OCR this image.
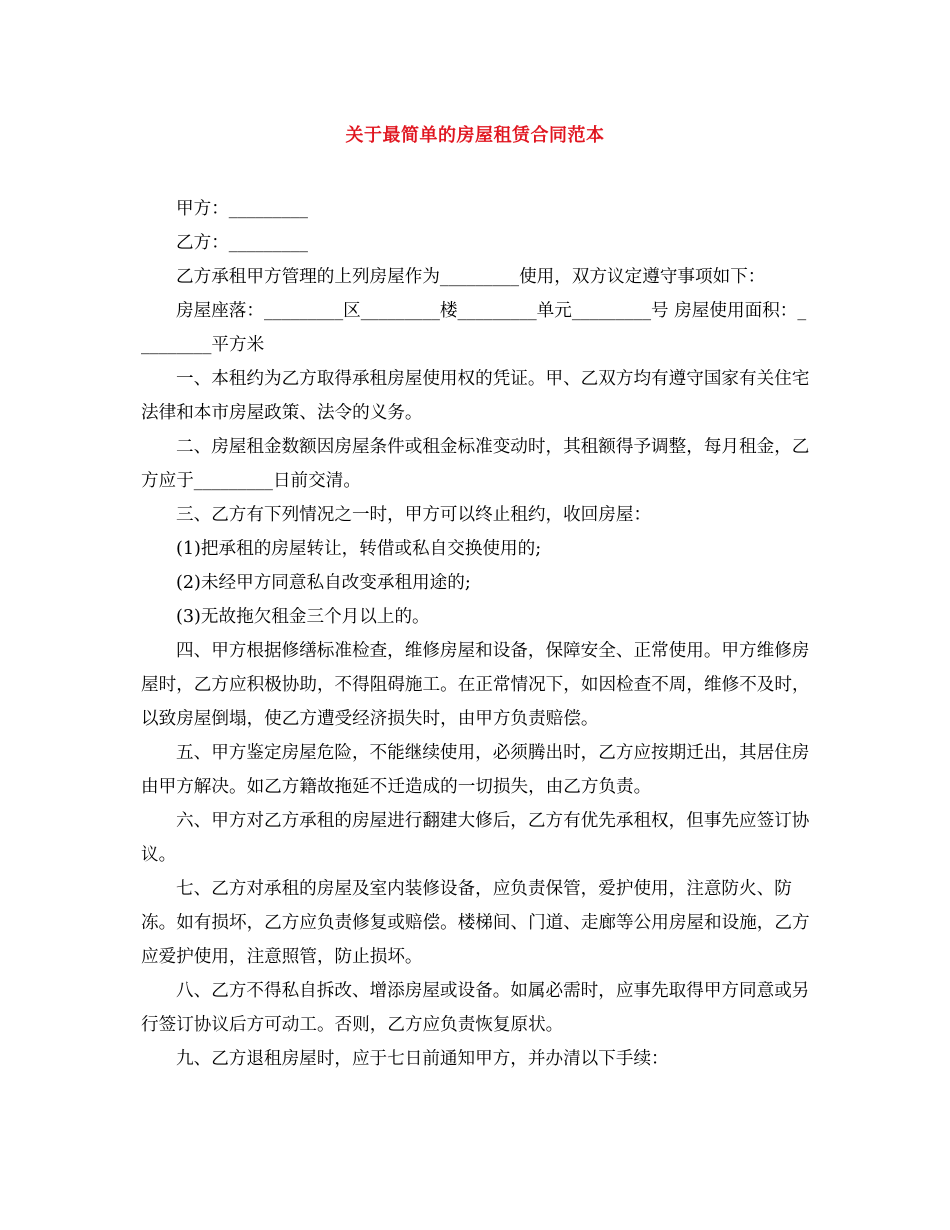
关于最简单的房屋租赁合同范本

甲方：_________

乙方：_________

乙方承租甲方管理的上列房屋作为_________使用，双方议定遵守事项如下：

房屋座落：_________区_________楼_________单元_________号 房屋使用面积：_________平方米

一、本租约为乙方取得承租房屋使用权的凭证。甲、乙双方均有遵守国家有关住宅法律和本市房屋政策、法令的义务。

二、房屋租金数额因房屋条件或租金标准变动时，其租额得予调整，每月租金，乙方应于_________日前交清。

三、乙方有下列情况之一时，甲方可以终止租约，收回房屋：

(1)把承租的房屋转让，转借或私自交换使用的;

(2)未经甲方同意私自改变承租用途的;

(3)无故拖欠租金三个月以上的。

四、甲方根据修缮标准检查，维修房屋和设备，保障安全、正常使用。甲方维修房屋时，乙方应积极协助，不得阻碍施工。在正常情况下，如因检查不周，维修不及时，以致房屋倒塌，使乙方遭受经济损失时，由甲方负责赔偿。

五、甲方鉴定房屋危险，不能继续使用，必须腾出时，乙方应按期迁出，其居住房由甲方解决。如乙方籍故拖延不迁造成的一切损失，由乙方负责。

六、甲方对乙方承租的房屋进行翻建大修后，乙方有优先承租权，但事先应签订协议。

七、乙方对承租的房屋及室内装修设备，应负责保管，爱护使用，注意防火、防冻。如有损坏，乙方应负责修复或赔偿。楼梯间、门道、走廊等公用房屋和设施，乙方应爱护使用，注意照管，防止损坏。

八、乙方不得私自拆改、增添房屋或设备。如属必需时，应事先取得甲方同意或另行签订协议后方可动工。否则，乙方应负责恢复原状。

九、乙方退租房屋时，应于七日前通知甲方，并办清以下手续：
